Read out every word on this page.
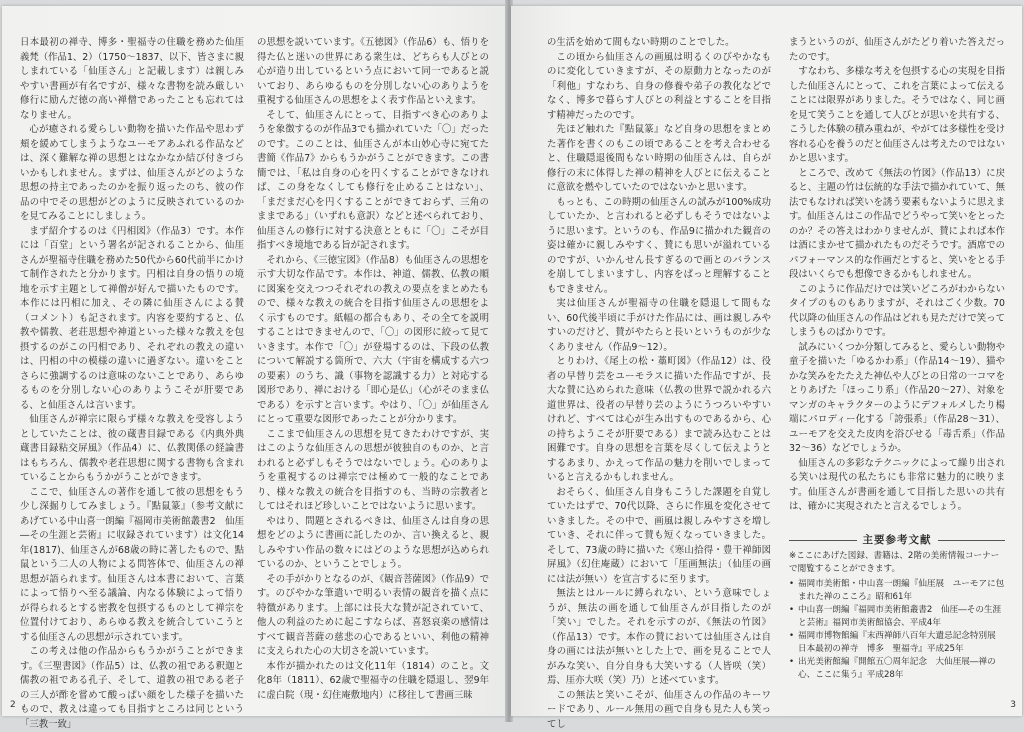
日本最初の禅寺、博多・聖福寺の住職を務めた仙厓義梵（作品1、2）（1750～1837、以下、皆さまに親しまれている「仙厓さん」と記載します）は親しみやすい書画が有名ですが、様々な書物を読み厳しい修行に励んだ徳の高い禅僧であったことも忘れてはなりません。

心が癒される愛らしい動物を描いた作品や思わず頬を緩めてしまうようなユーモアあふれる作品などは、深く難解な禅の思想とはなかなか結び付きづらいかもしれません。まずは、仙厓さんがどのような思想の持主であったのかを振り返ったのち、彼の作品の中でその思想がどのように反映されているのかを見てみることにしましょう。

まず紹介するのは《円相図》（作品3）です。本作には「百堂」という署名が記されることから、仙厓さんが聖福寺住職を務めた50代から60代前半にかけて制作されたと分かります。円相は自身の悟りの境地を示す主題として禅僧が好んで描いたものです。本作には円相に加え、その隣に仙厓さんによる賛（コメント）も記されます。内容を要約すると、仏教や儒教、老荘思想や神道といった様々な教えを包摂するのがこの円相であり、それぞれの教えの違いは、円相の中の模様の違いに過ぎない。違いをことさらに強調するのは意味のないことであり、あらゆるものを分別しない心のありようこそが肝要である、と仙厓さんは言います。

仙厓さんが禅宗に限らず様々な教えを受容しようとしていたことは、彼の蔵書目録である《内典外典蔵書目録粘交屏風》（作品4）に、仏教関係の経論書はもちろん、儒教や老荘思想に関する書物も含まれていることからもうかがうことができます。

ここで、仙厓さんの著作を通して彼の思想をもう少し深掘りしてみましょう。『點鼠篆』（参考文献にあげている中山喜一朗編『福岡市美術館叢書2　仙厓―その生涯と芸術』に収録されています）は文化14年(1817)、仙厓さんが68歳の時に著したもので、點鼠という二人の人物による問答体で、仙厓さんの禅思想が語られます。仙厓さんは本書において、言葉によって悟りへ至る議論、内なる体験によって悟りが得られるとする密教を包摂するものとして禅宗を位置付けており、あらゆる教えを統合していこうとする仙厓さんの思想が示されています。

この考えは他の作品からもうかがうことができます。《三聖書図》（作品5）は、仏教の祖である釈迦と儒教の祖である孔子、そして、道教の祖である老子の三人が酢を嘗めて酸っぱい顔をした様子を描いたもので、教えは違っても目指すところは同じという「三教一致」

の思想を説いています。《五徳図》（作品6）も、悟りを得た仏と迷いの世界にある衆生は、どちらも人びとの心が造り出しているという点において同一であると説いており、あらゆるものを分別しない心のありようを重視する仙厓さんの思想をよく表す作品といえます。

そして、仙厓さんにとって、目指すべき心のありようを象徴するのが作品3でも描かれていた「〇」だったのです。このことは、仙厓さんが本山妙心寺に宛てた書簡《作品7》からもうかがうことができます。この書簡では、「私は自身の心を円くすることができなければ、この身をなくしても修行を止めることはない」、「まだまだ心を円くすることができておらず、三角のままである」（いずれも意訳）などと述べられており、仙厓さんの修行に対する決意とともに「〇」こそが目指すべき境地である旨が記されます。

それから、《三徳宝図》（作品8）も仙厓さんの思想を示す大切な作品です。本作は、神道、儒教、仏教の順に図案を交えつつそれぞれの教えの要点をまとめたもので、様々な教えの統合を目指す仙厓さんの思想をよく示すものです。紙幅の都合もあり、その全てを説明することはできませんので、「〇」の図形に絞って見ていきます。本作で「〇」が登場するのは、下段の仏教について解説する箇所で、六大（宇宙を構成する六つの要素）のうち、識（事物を認識する力）と対応する図形であり、禅における「即心是仏」（心がそのまま仏である）を示すと言います。やはり、「〇」が仙厓さんにとって重要な図形であったことが分かります。

ここまで仙厓さんの思想を見てきたわけですが、実はこのような仙厓さんの思想が彼独自のものか、と言われると必ずしもそうではないでしょう。心のありようを重視するのは禅宗では極めて一般的なことであり、様々な教えの統合を目指すのも、当時の宗教者としてはそれほど珍しいことではないように思います。

やはり、問題とされるべきは、仙厓さんは自身の思想をどのように書画に託したのか、言い換えると、親しみやすい作品の数々にはどのような思想が込められているのか、ということでしょう。

その手がかりとなるのが、《観音菩薩図》（作品9）です。のびやかな筆遣いで明るい表情の観音を描く点に特徴があります。上部には長大な賛が記されていて、他人の利益のために起こすならば、喜怒哀楽の感情はすべて観音菩薩の慈悲の心であるといい、利他の精神に支えられた心の大切さを説いています。

本作が描かれたのは文化11年（1814）のこと。文化8年（1811）、62歳で聖福寺の住職を隠退し、翌9年に虚白院（現・幻住庵敷地内）に移往して書画三昧

2

の生活を始めて間もない時期のことでした。

この頃から仙厓さんの画風は明るくのびやかなものに変化していきますが、その原動力となったのが「利他」すなわち、自身の修養や弟子の教化などでなく、博多で暮らす人びとの利益とすることを目指す精神だったのです。

先ほど触れた『點鼠篆』など自身の思想をまとめた著作を書くのもこの頃であることを考え合わせると、住職隠退後間もない時期の仙厓さんは、自らが修行の末に体得した禅の精神を人びとに伝えることに意欲を燃やしていたのではないかと思います。

もっとも、この時期の仙厓さんの試みが100%成功していたか、と言われると必ずしもそうではないように思います。というのも、作品9に描かれた観音の姿は確かに親しみやすく、賛にも思いが溢れているのですが、いかんせん長すぎるので画とのバランスを崩してしまいますし、内容をぱっと理解することもできません。

実は仙厓さんが聖福寺の住職を隠退して間もない、60代後半頃に手がけた作品には、画は親しみやすいのだけど、賛がやたらと長いというものが少なくありません（作品9～12）。

とりわけ、《尾上の松・藁町図》（作品12）は、役者の早替り芸をユーモラスに描いた作品ですが、長大な賛に込められた意味（仏教の世界で説かれる六道世界は、役者の早替り芸のようにうつろいやすいけれど、すべては心が生み出すものであるから、心の持ちようこそが肝要である）まで読み込むことは困難です。自身の思想を言葉を尽くして伝えようとするあまり、かえって作品の魅力を削いでしまっていると言えるかもしれません。

おそらく、仙厓さん自身もこうした課題を自覚していたはずで、70代以降、さらに作風を変化させていきました。その中で、画風は親しみやすさを増していき、それに伴って賛も短くなっていきました。そして、73歳の時に描いた《寒山拾得・豊干禅師図屏風》（幻住庵蔵）において「厓画無法」（仙厓の画には法が無い）を宣言するに至ります。

無法とはルールに縛られない、という意味でしょうが、無法の画を通して仙厓さんが目指したのが「笑い」でした。それを示すのが、《無法の竹図》（作品13）です。本作の賛においては仙厓さんは自身の画には法が無いとした上で、画を見ることで人がみな笑い、自分自身も大笑いする（人皆咲（笑）焉、厓亦大咲（笑）乃）と述べています。

この無法と笑いこそが、仙厓さんの作品のキーワードであり、ルール無用の画で自身も見た人も笑ってし

まうというのが、仙厓さんがたどり着いた答えだったのです。

すなわち、多様な考えを包摂する心の実現を目指した仙厓さんにとって、これを言葉によって伝えることには限界がありました。そうではなく、同じ画を見て笑うことを通して人びとが思いを共有する、こうした体験の積み重ねが、やがては多様性を受け容れる心を養うのだと仙厓さんは考えたのではないかと思います。

ところで、改めて《無法の竹図》（作品13）に戻ると、主題の竹は伝統的な手法で描かれていて、無法でもなければ笑いを誘う要素もないように思えます。仙厓さんはこの作品でどうやって笑いをとったのか？その答えはわかりませんが、賛によれば本作は酒にまかせて描かれたものだそうです。酒席でのパフォーマンス的な作画だとすると、笑いをとる手段はいくらでも想像できるかもしれません。

このように作品だけでは笑いどころがわからないタイプのものもありますが、それはごく少数。70代以降の仙厓さんの作品はどれも見ただけで笑ってしまうものばかりです。

試みにいくつか分類してみると、愛らしい動物や童子を描いた「ゆるかわ系」（作品14～19）、猫やかな笑みをたたえた神仏や人びとの日常の一コマをとりあげた「ほっこり系」（作品20～27）、対象をマンガのキャラクターのようにデフォルメしたり楊端にパロディー化する「誇張系」（作品28～31）、ユーモアを交えた皮肉を浴びせる「毒舌系」（作品32～36）などでしょうか。

仙厓さんの多彩なテクニックによって繰り出される笑いは現代の私たちにも非常に魅力的に映ります。仙厓さんが書画を通して目指した思いの共有は、確かに実現されたと言えるでしょう。

主要参考文献
※ここにあげた図録、書籍は、2階の美術情報コーナーで閲覧することができます。
• 福岡市美術館・中山喜一朗編『仙厓展　ユーモアに包まれた禅のこころ』昭和61年
• 中山喜一朗編『福岡市美術館叢書2　仙厓―その生涯と芸術』福岡市美術館協会、平成4年
• 福岡市博物館編『末西禅師八百年大遺忌記念特別展　日本最初の禅寺　博多　聖福寺』平成25年
• 出光美術館編『開館五〇周年記念　大仙厓展―禅の心、ここに集う』平成28年
3
